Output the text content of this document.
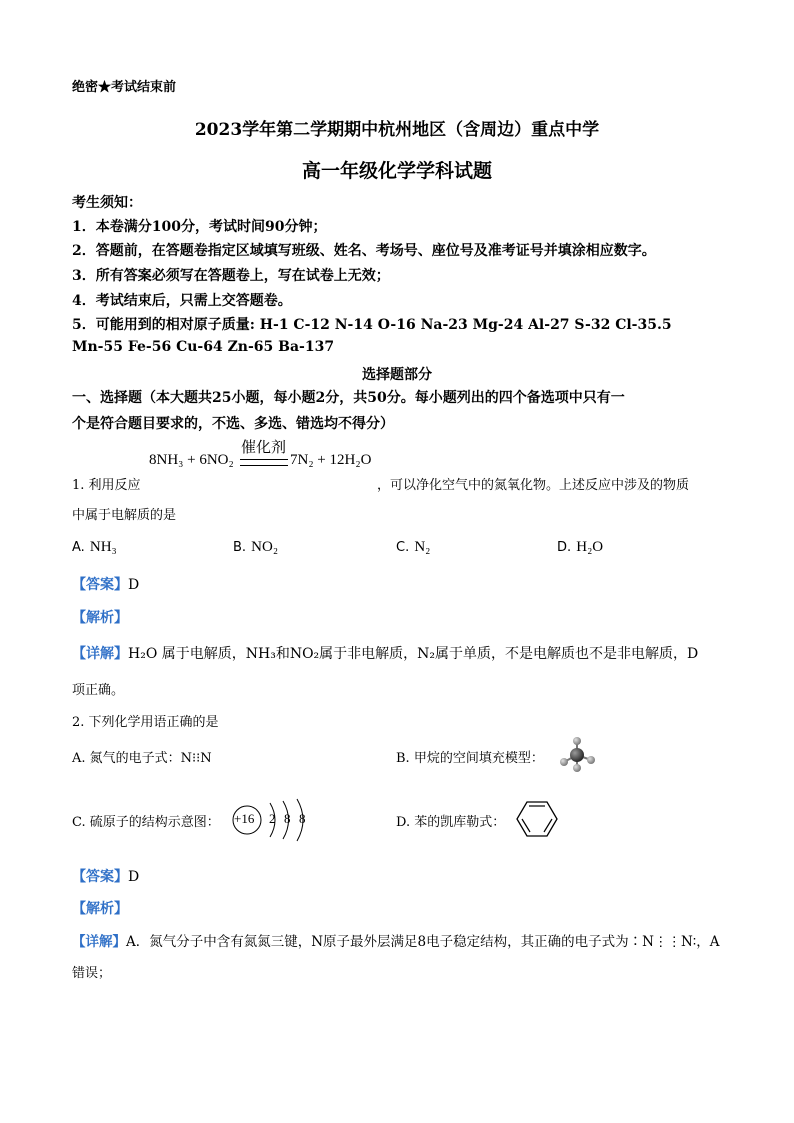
绝密★考试结束前
2023学年第二学期期中杭州地区（含周边）重点中学
高一年级化学学科试题
考生须知：
1．本卷满分100分，考试时间90分钟；
2．答题前，在答题卷指定区域填写班级、姓名、考场号、座位号及准考证号并填涂相应数字。
3．所有答案必须写在答题卷上，写在试卷上无效；
4．考试结束后，只需上交答题卷。
5．可能用到的相对原子质量: H-1 C-12 N-14 O-16 Na-23 Mg-24 Al-27 S-32 Cl-35.5
Mn-55 Fe-56 Cu-64 Zn-65 Ba-137
选择题部分
一、选择题（本大题共25小题，每小题2分，共50分。每小题列出的四个备选项中只有一
个是符合题目要求的，不选、多选、错选均不得分）
催化剂
8NH₃ + 6NO₂	7N₂ + 12H₂O
1. 利用反应	，可以净化空气中的氮氧化物。上述反应中涉及的物质
中属于电解质的是
A. NH₃	B. NO₂	C. N₂	D. H₂O
【答案】D
【解析】
【详解】H₂O 属于电解质，NH₃和NO₂属于非电解质，N₂属于单质，不是电解质也不是非电解质，D
项正确。
2. 下列化学用语正确的是
A. 氮气的电子式：N⁝⁝N	B. 甲烷的空间填充模型：
C. 硫原子的结构示意图： +16 2 8 8	D. 苯的凯库勒式：
【答案】D
【解析】
【详解】A．氮气分子中含有氮氮三键，N原子最外层满足8电子稳定结构，其正确的电子式为∶N⋮⋮N∶，A
错误；
